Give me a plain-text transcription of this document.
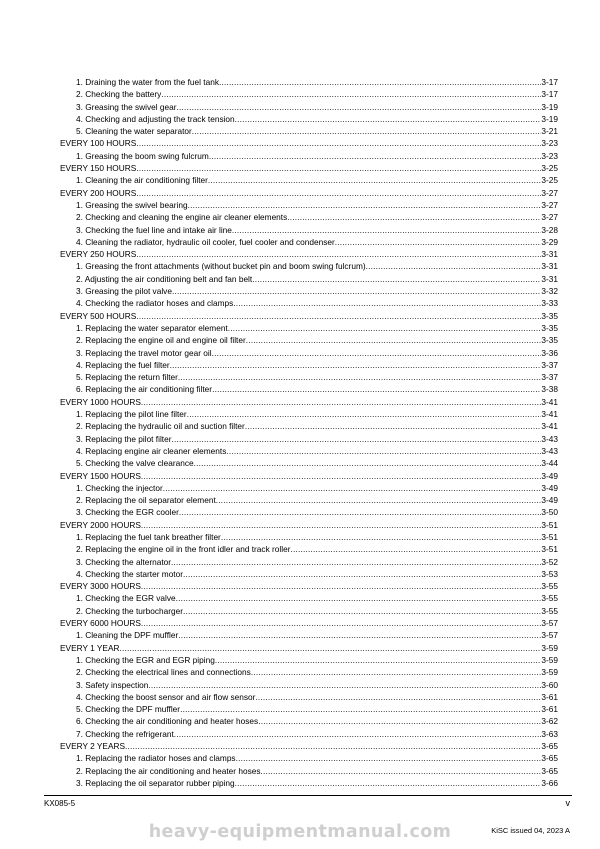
1. Draining the water from the fuel tank .....	3-17
2. Checking the battery .....	3-17
3. Greasing the swivel gear .....	3-19
4. Checking and adjusting the track tension .....	3-19
5. Cleaning the water separator .....	3-21
EVERY 100 HOURS .....	3-23
1. Greasing the boom swing fulcrum .....	3-23
EVERY 150 HOURS .....	3-25
1. Cleaning the air conditioning filter .....	3-25
EVERY 200 HOURS .....	3-27
1. Greasing the swivel bearing .....	3-27
2. Checking and cleaning the engine air cleaner elements .....	3-27
3. Checking the fuel line and intake air line .....	3-28
4. Cleaning the radiator, hydraulic oil cooler, fuel cooler and condenser .....	3-29
EVERY 250 HOURS .....	3-31
1. Greasing the front attachments (without bucket pin and boom swing fulcrum) .....	3-31
2. Adjusting the air conditioning belt and fan belt .....	3-31
3. Greasing the pilot valve .....	3-32
4. Checking the radiator hoses and clamps .....	3-33
EVERY 500 HOURS .....	3-35
1. Replacing the water separator element .....	3-35
2. Replacing the engine oil and engine oil filter .....	3-35
3. Replacing the travel motor gear oil .....	3-36
4. Replacing the fuel filter .....	3-37
5. Replacing the return filter .....	3-37
6. Replacing the air conditioning filter .....	3-38
EVERY 1000 HOURS .....	3-41
1. Replacing the pilot line filter .....	3-41
2. Replacing the hydraulic oil and suction filter .....	3-41
3. Replacing the pilot filter .....	3-43
4. Replacing engine air cleaner elements .....	3-43
5. Checking the valve clearance .....	3-44
EVERY 1500 HOURS .....	3-49
1. Checking the injector .....	3-49
2. Replacing the oil separator element .....	3-49
3. Checking the EGR cooler .....	3-50
EVERY 2000 HOURS .....	3-51
1. Replacing the fuel tank breather filter .....	3-51
2. Replacing the engine oil in the front idler and track roller .....	3-51
3. Checking the alternator .....	3-52
4. Checking the starter motor .....	3-53
EVERY 3000 HOURS .....	3-55
1. Checking the EGR valve .....	3-55
2. Checking the turbocharger .....	3-55
EVERY 6000 HOURS .....	3-57
1. Cleaning the DPF muffler .....	3-57
EVERY 1 YEAR .....	3-59
1. Checking the EGR and EGR piping .....	3-59
2. Checking the electrical lines and connections .....	3-59
3. Safety inspection .....	3-60
4. Checking the boost sensor and air flow sensor .....	3-61
5. Checking the DPF muffler .....	3-61
6. Checking the air conditioning and heater hoses .....	3-62
7. Checking the refrigerant .....	3-63
EVERY 2 YEARS .....	3-65
1. Replacing the radiator hoses and clamps .....	3-65
2. Replacing the air conditioning and heater hoses .....	3-65
3. Replacing the oil separator rubber piping .....	3-66
KX085-5	v
heavy-equipmentmanual.com	KiSC issued 04, 2023 A
